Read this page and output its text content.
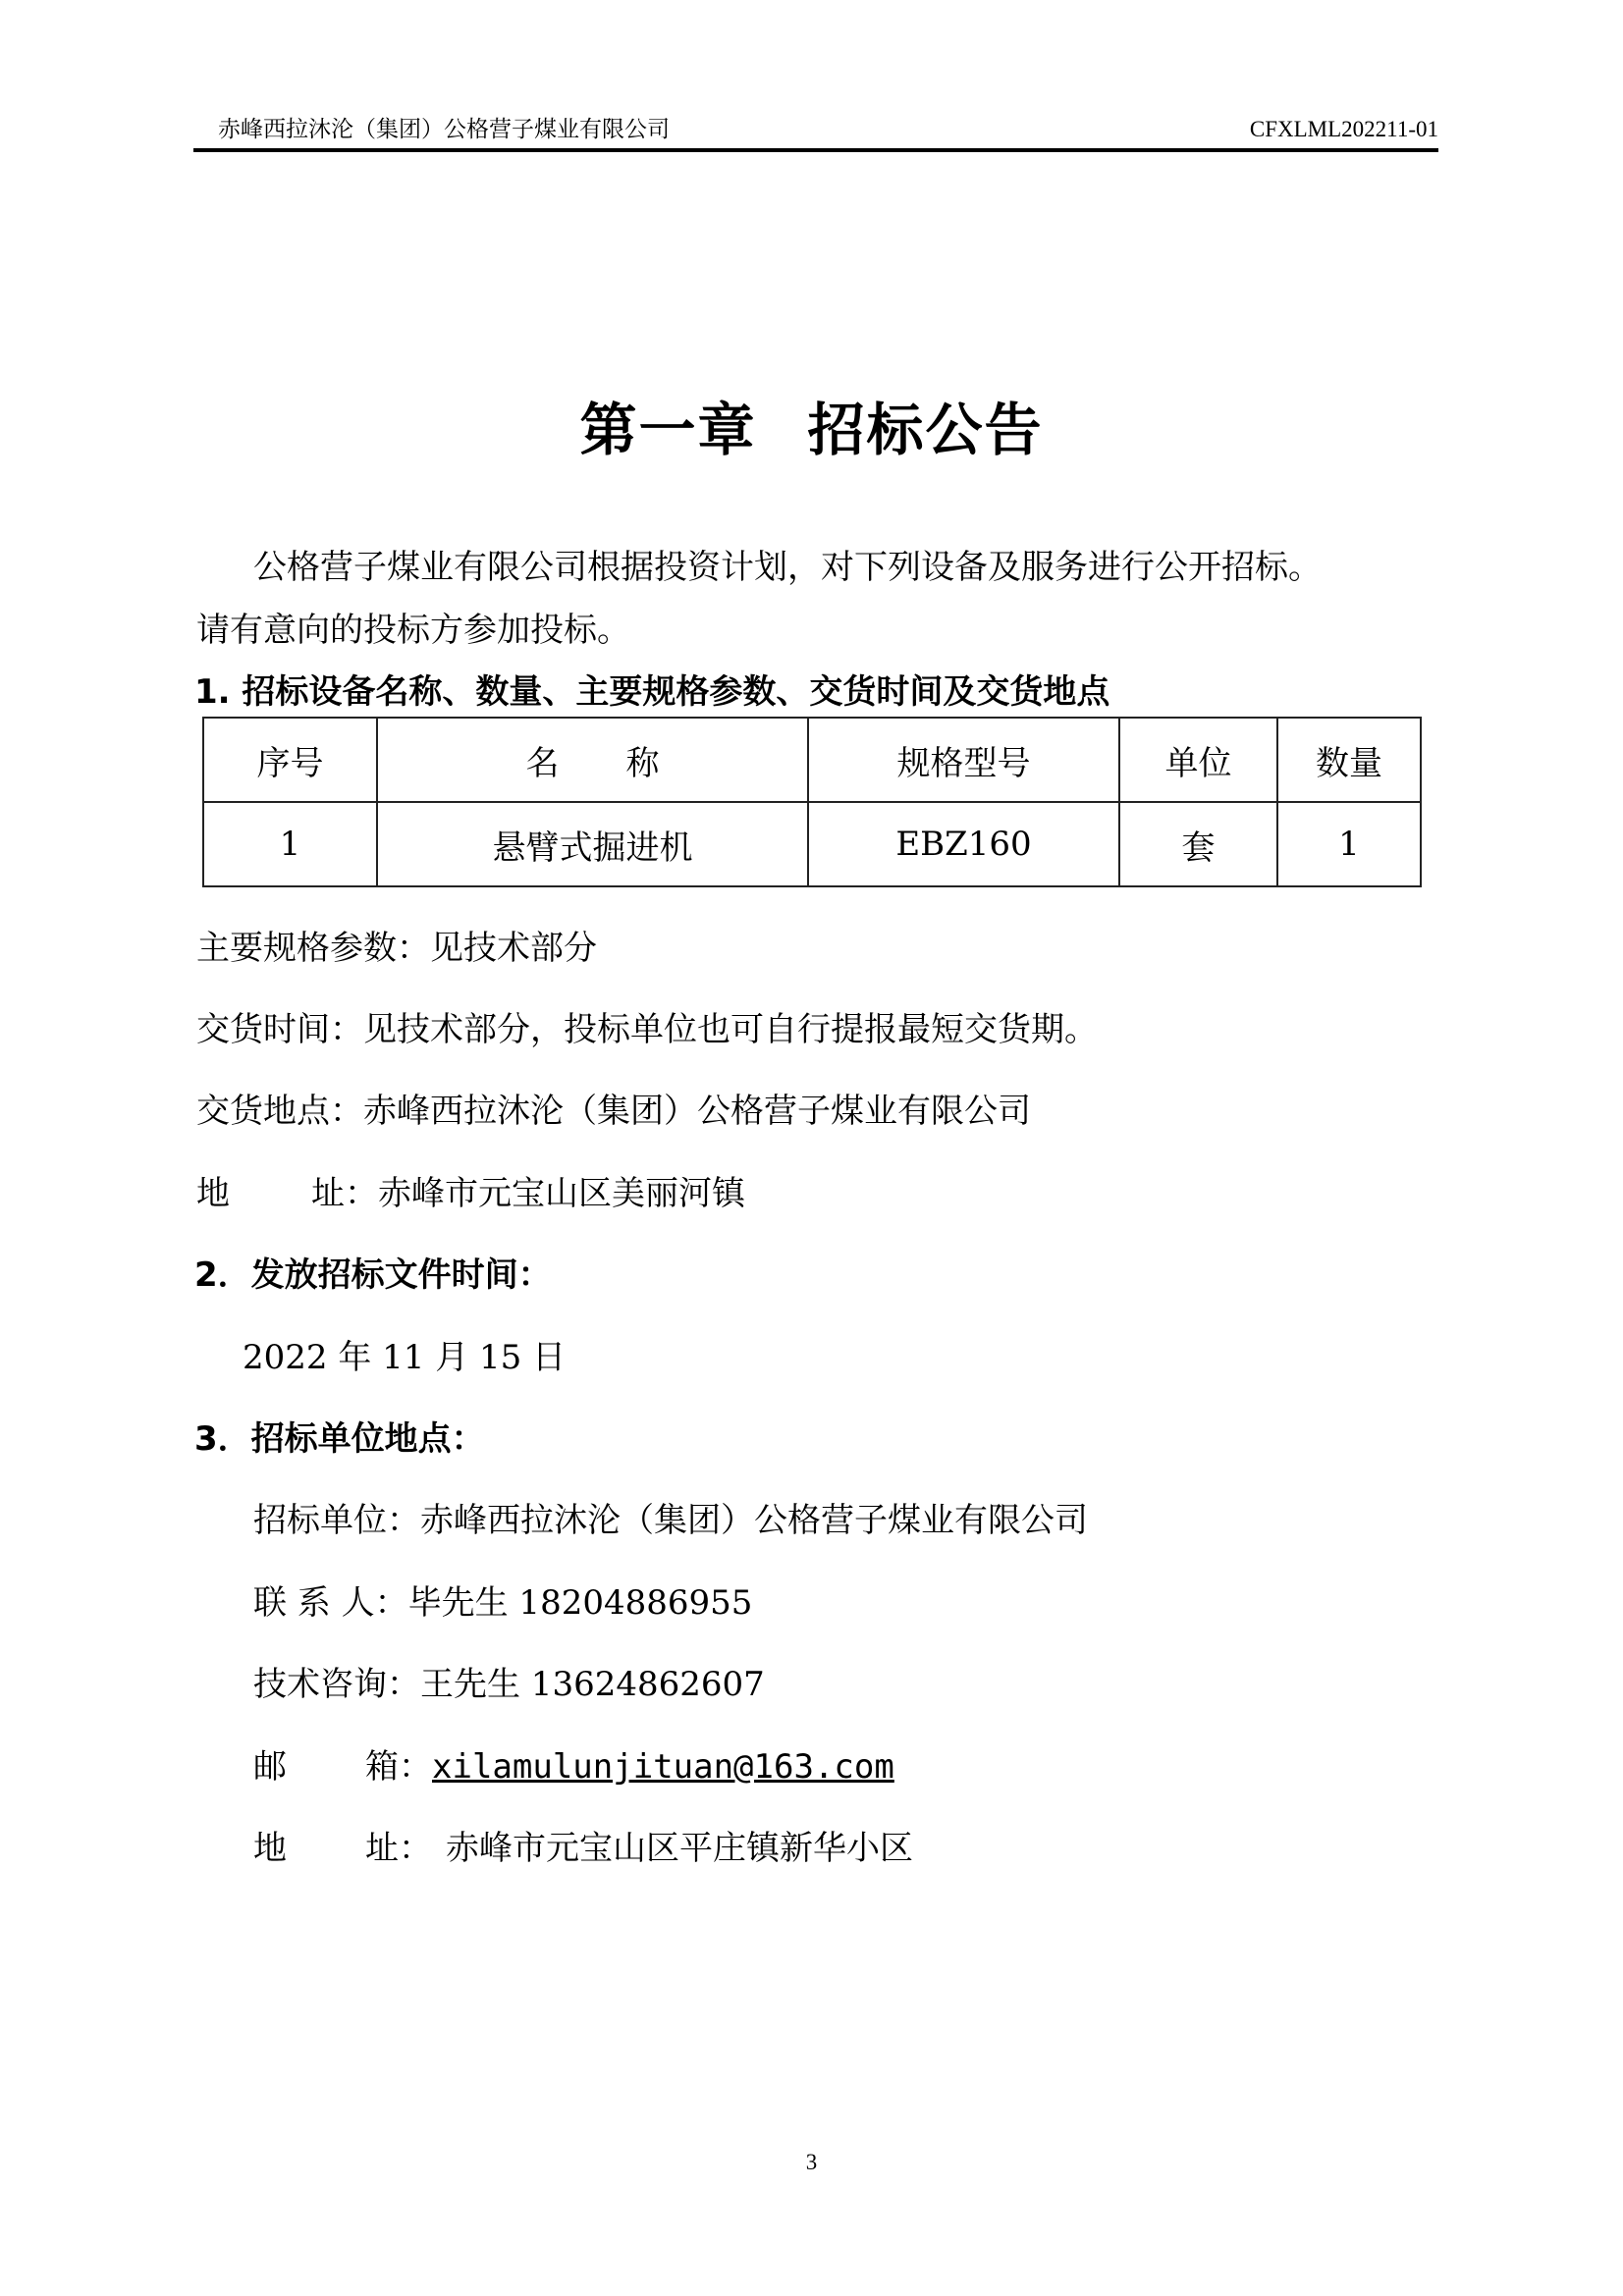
赤峰西拉沐沦（集团）公格营子煤业有限公司	CFXLML202211-01
第一章 招标公告
公格营子煤业有限公司根据投资计划，对下列设备及服务进行公开招标。
请有意向的投标方参加投标。
1. 招标设备名称、数量、主要规格参数、交货时间及交货地点
序号	名　　称	规格型号	单位	数量
1	悬臂式掘进机	EBZ160	套	1
主要规格参数：见技术部分
交货时间：见技术部分，投标单位也可自行提报最短交货期。
交货地点：赤峰西拉沐沦（集团）公格营子煤业有限公司
地 址：赤峰市元宝山区美丽河镇
2．发放招标文件时间：
2022 年 11 月 15 日
3．招标单位地点：
招标单位：赤峰西拉沐沦（集团）公格营子煤业有限公司
联 系 人：毕先生 18204886955
技术咨询：王先生 13624862607
邮 箱：xilamulunjituan@163.com
地 址： 赤峰市元宝山区平庄镇新华小区
3
